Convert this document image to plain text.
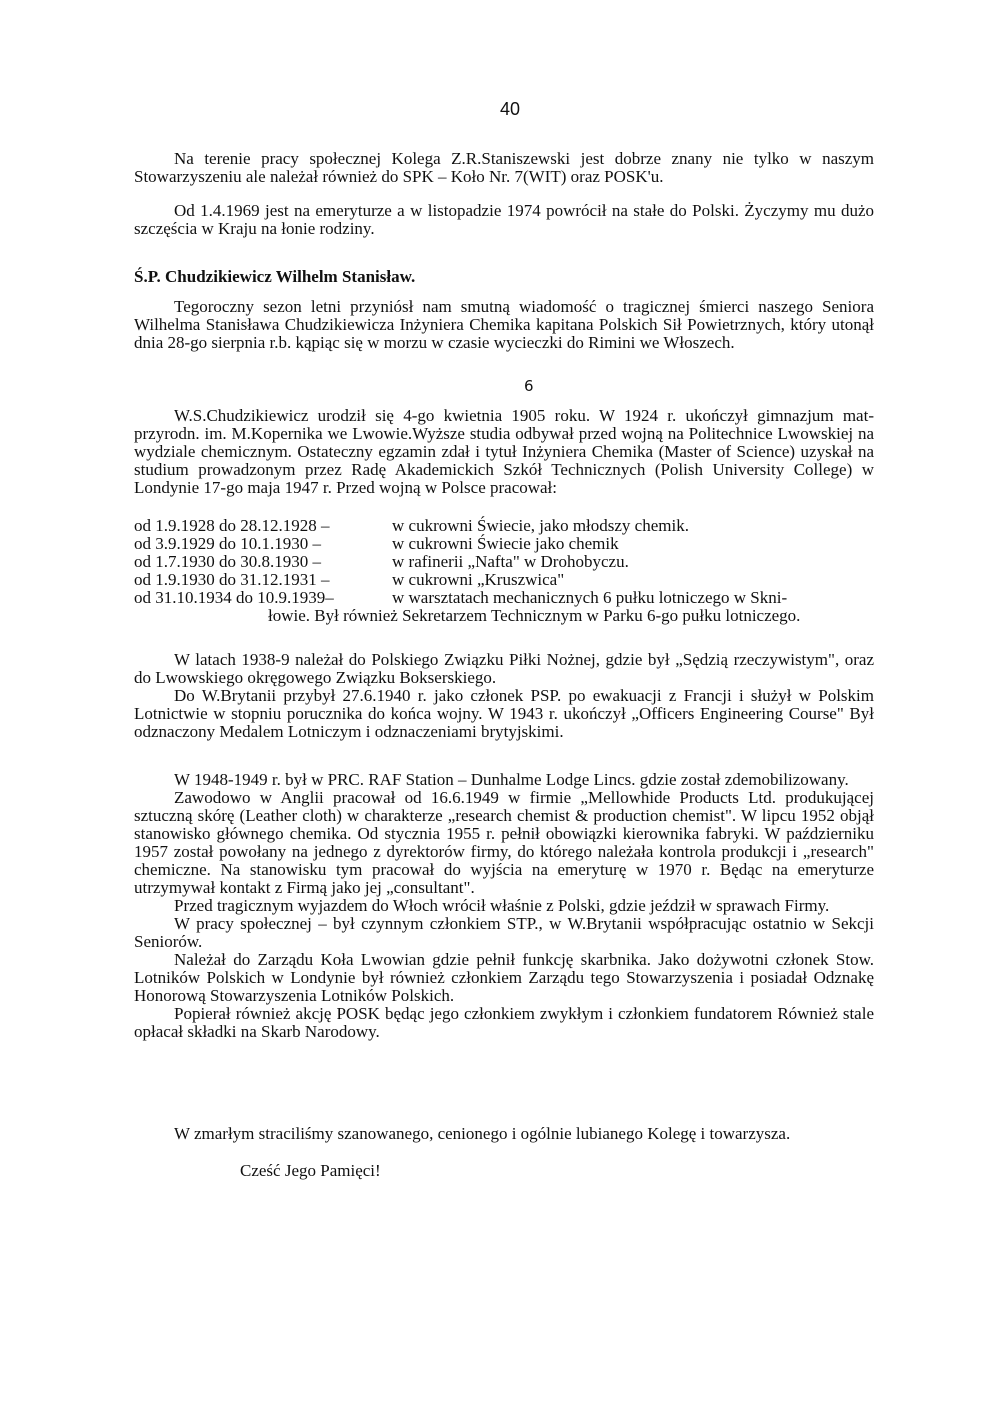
40

Na terenie pracy społecznej Kolega Z.R.Staniszewski jest dobrze znany nie tylko w naszym Stowarzyszeniu ale należał również do SPK – Koło Nr. 7(WIT) oraz POSK'u.

Od 1.4.1969 jest na emeryturze a w listopadzie 1974 powrócił na stałe do Polski. Życzymy mu dużo szczęścia w Kraju na łonie rodziny.

Ś.P. Chudzikiewicz Wilhelm Stanisław.

Tegoroczny sezon letni przyniósł nam smutną wiadomość o tragicznej śmierci naszego Seniora Wilhelma Stanisława Chudzikiewicza Inżyniera Chemika kapitana Polskich Sił Powietrznych, który utonął dnia 28-go sierpnia r.b. kąpiąc się w morzu w czasie wycieczki do Rimini we Włoszech.

6

W.S.Chudzikiewicz urodził się 4-go kwietnia 1905 roku. W 1924 r. ukończył gimnazjum mat-przyrodn. im. M.Kopernika we Lwowie.Wyższe studia odbywał przed wojną na Politechnice Lwowskiej na wydziale chemicznym. Ostateczny egzamin zdał i tytuł Inżyniera Chemika (Master of Science) uzyskał na studium prowadzonym przez Radę Akademickich Szkół Technicznych (Polish University College) w Londynie 17-go maja 1947 r. Przed wojną w Polsce pracował:

od 1.9.1928 do 28.12.1928 –	w cukrowni Świecie, jako młodszy chemik.
od 3.9.1929 do 10.1.1930 –	w cukrowni Świecie jako chemik
od 1.7.1930 do 30.8.1930 –	w rafinerii „Nafta" w Drohobyczu.
od 1.9.1930 do 31.12.1931 –	w cukrowni „Kruszwica"
od 31.10.1934 do 10.9.1939–	w warsztatach mechanicznych 6 pułku lotniczego w Skni-
łowie. Był również Sekretarzem Technicznym w Parku 6-go pułku lotniczego.

W latach 1938-9 należał do Polskiego Związku Piłki Nożnej, gdzie był „Sędzią rzeczywistym", oraz do Lwowskiego okręgowego Związku Bokserskiego.

Do W.Brytanii przybył 27.6.1940 r. jako członek PSP. po ewakuacji z Francji i służył w Polskim Lotnictwie w stopniu porucznika do końca wojny. W 1943 r. ukończył „Officers Engineering Course" Był odznaczony Medalem Lotniczym i odznaczeniami brytyjskimi.

W 1948-1949 r. był w PRC. RAF Station – Dunhalme Lodge Lincs. gdzie został zdemobilizowany.

Zawodowo w Anglii pracował od 16.6.1949 w firmie „Mellowhide Products Ltd. produkującej sztuczną skórę (Leather cloth) w charakterze „research chemist & production chemist". W lipcu 1952 objął stanowisko głównego chemika. Od stycznia 1955 r. pełnił obowiązki kierownika fabryki. W październiku 1957 został powołany na jednego z dyrektorów firmy, do którego należała kontrola produkcji i „research" chemiczne. Na stanowisku tym pracował do wyjścia na emeryturę w 1970 r. Będąc na emeryturze utrzymywał kontakt z Firmą jako jej „consultant".

Przed tragicznym wyjazdem do Włoch wrócił właśnie z Polski, gdzie jeździł w sprawach Firmy.

W pracy społecznej – był czynnym członkiem STP., w W.Brytanii współpracując ostatnio w Sekcji Seniorów.

Należał do Zarządu Koła Lwowian gdzie pełnił funkcję skarbnika. Jako dożywotni członek Stow. Lotników Polskich w Londynie był również członkiem Zarządu tego Stowarzyszenia i posiadał Odznakę Honorową Stowarzyszenia Lotników Polskich.

Popierał również akcję POSK będąc jego członkiem zwykłym i członkiem fundatorem Również stale opłacał składki na Skarb Narodowy.

W zmarłym straciliśmy szanowanego, cenionego i ogólnie lubianego Kolegę i towarzysza.

Cześć Jego Pamięci!
